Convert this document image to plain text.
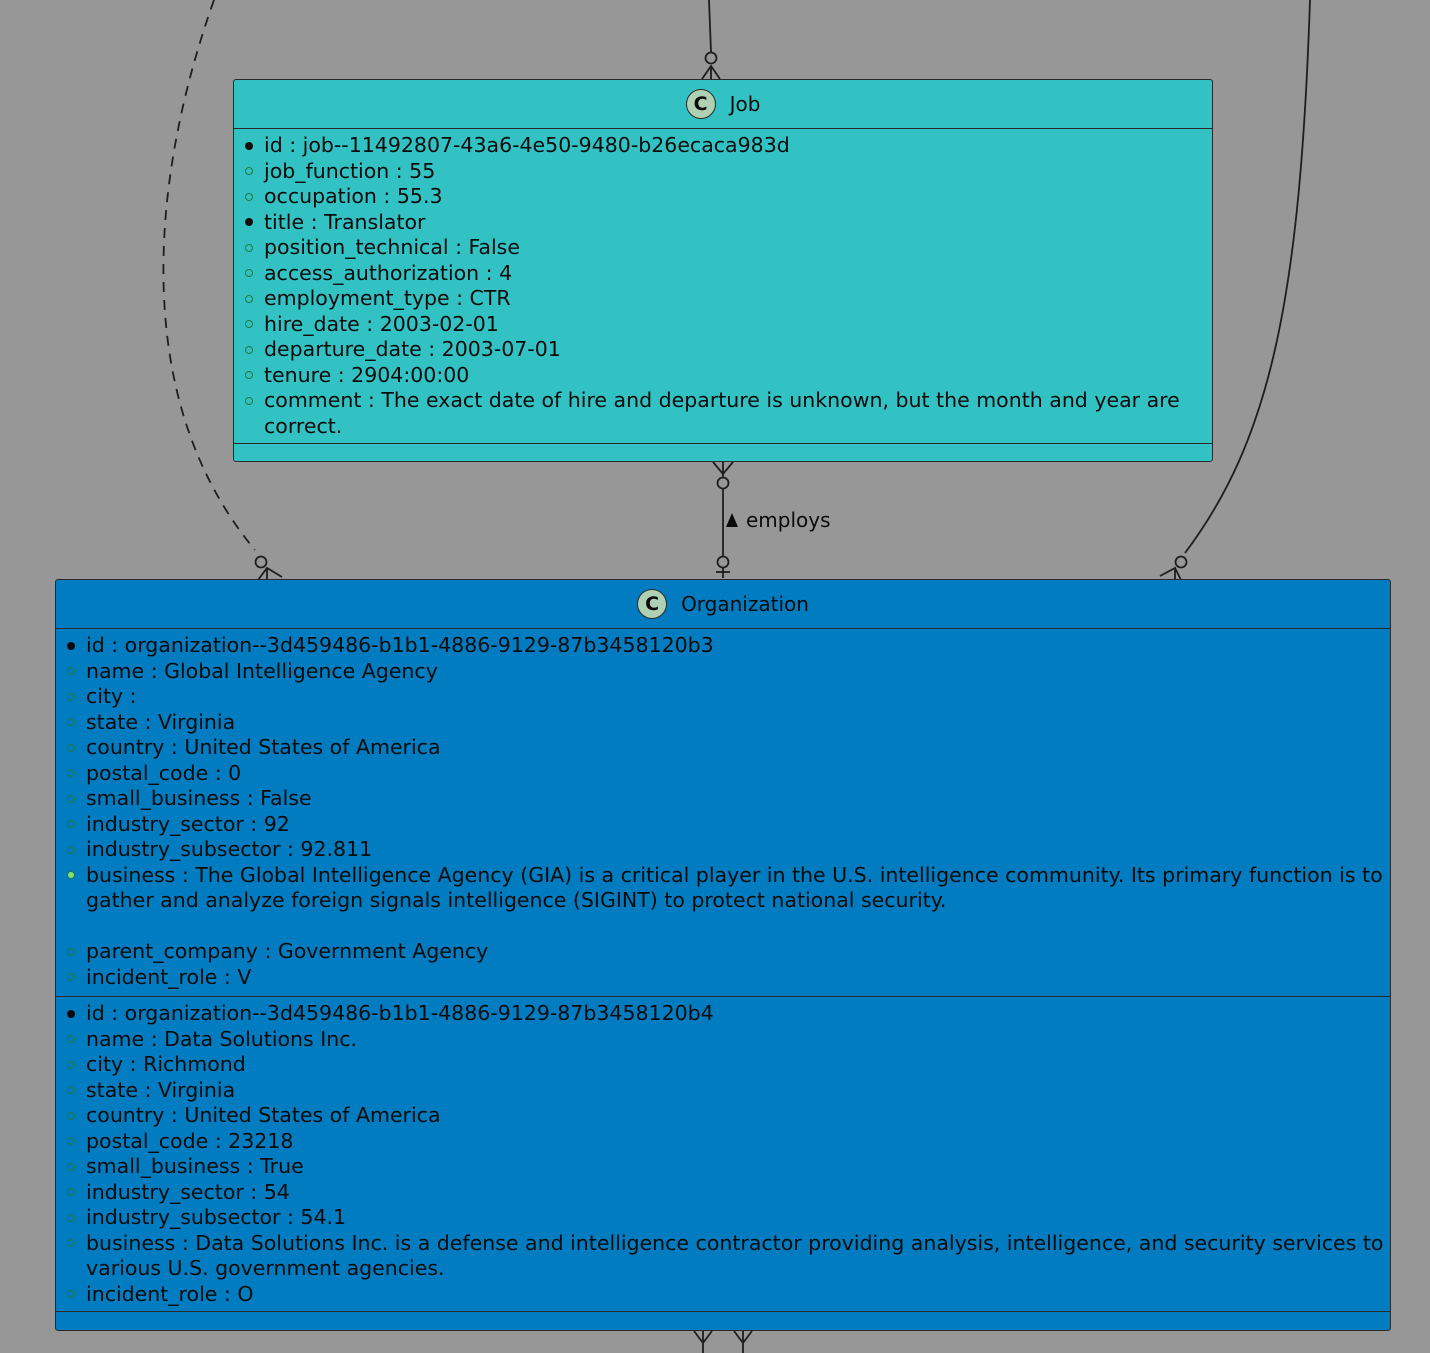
employs
C	Job
id : job--11492807-43a6-4e50-9480-b26ecaca983d
job_function : 55
occupation : 55.3
title : Translator
position_technical : False
access_authorization : 4
employment_type : CTR
hire_date : 2003-02-01
departure_date : 2003-07-01
tenure : 2904:00:00
comment : The exact date of hire and departure is unknown, but the month and year are correct.
C	Organization
id : organization--3d459486-b1b1-4886-9129-87b3458120b3
name : Global Intelligence Agency
city :
state : Virginia
country : United States of America
postal_code : 0
small_business : False
industry_sector : 92
industry_subsector : 92.811
business : The Global Intelligence Agency (GIA) is a critical player in the U.S. intelligence community. Its primary function is to gather and analyze foreign signals intelligence (SIGINT) to protect national security.
parent_company : Government Agency
incident_role : V
id : organization--3d459486-b1b1-4886-9129-87b3458120b4
name : Data Solutions Inc.
city : Richmond
state : Virginia
country : United States of America
postal_code : 23218
small_business : True
industry_sector : 54
industry_subsector : 54.1
business : Data Solutions Inc. is a defense and intelligence contractor providing analysis, intelligence, and security services to various U.S. government agencies.
incident_role : O
